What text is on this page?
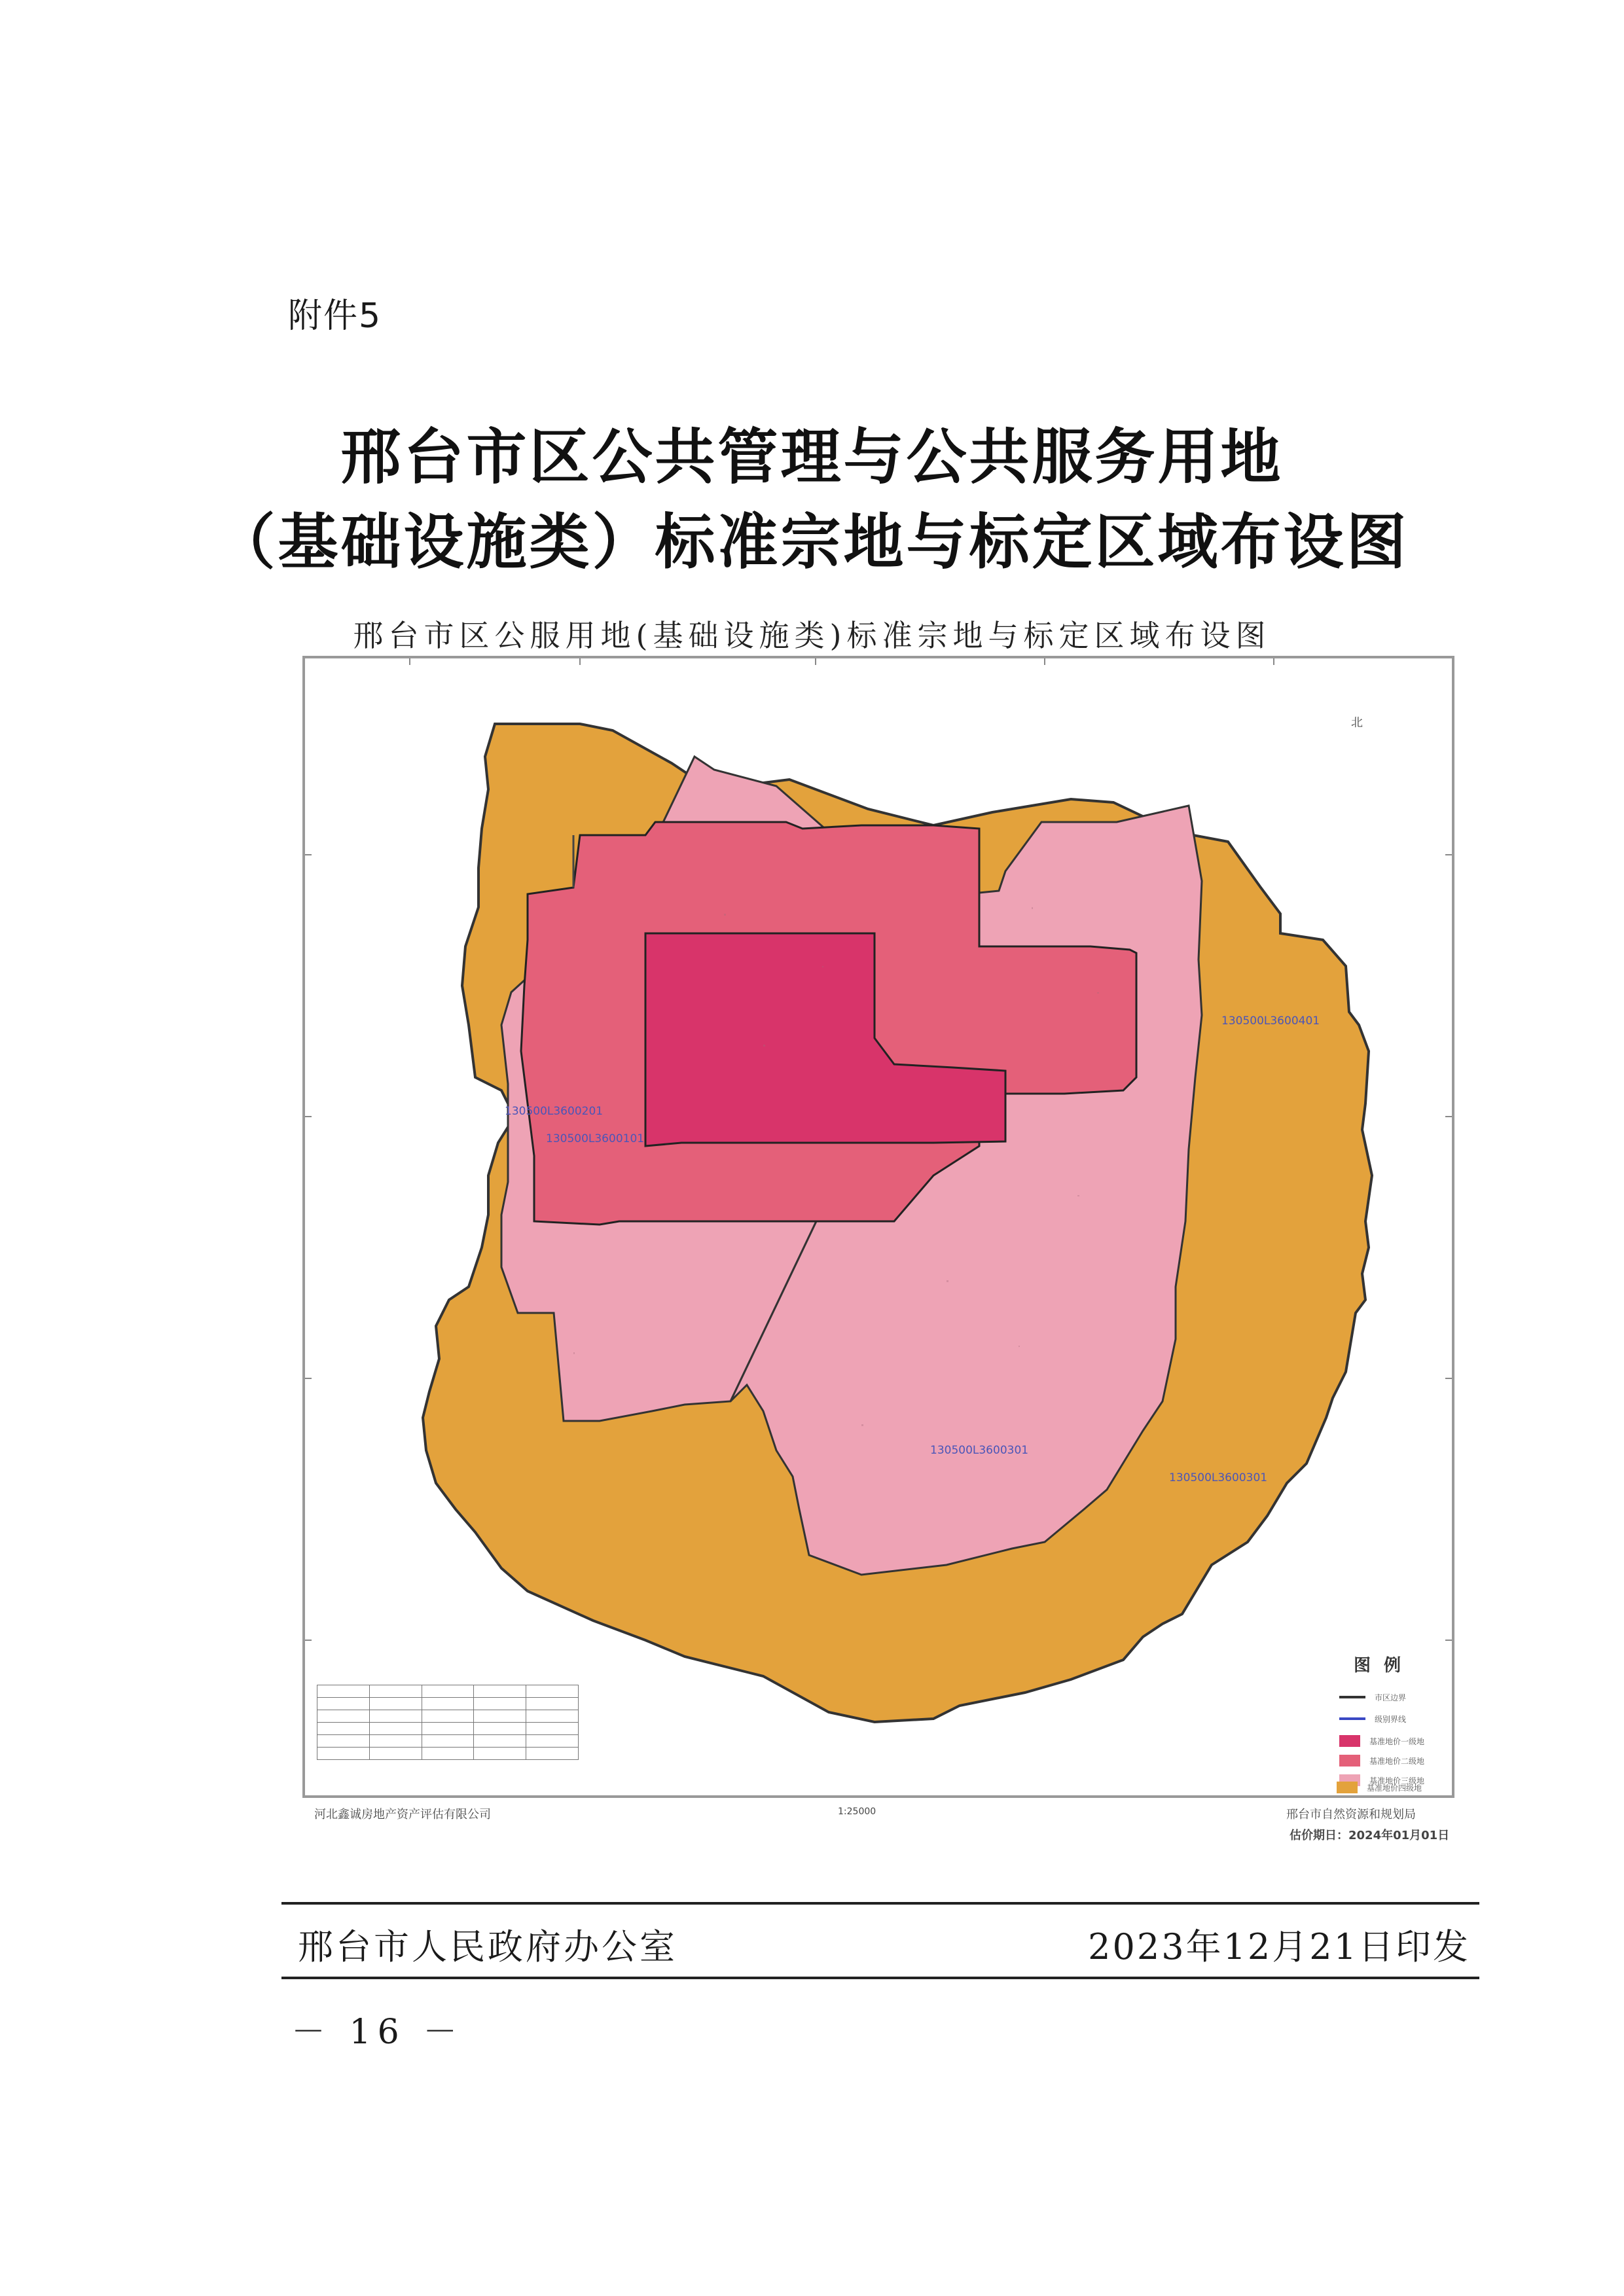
附件5
邢台市区公共管理与公共服务用地
（基础设施类）标准宗地与标定区域布设图
邢台市区公服用地(基础设施类)标准宗地与标定区域布设图
北
130500L3600401
130500L3600201
130500L3600101
130500L3600301
130500L3600301

图例
市区边界
级别界线
基准地价一级地
基准地价二级地
基准地价三级地
基准地价四级地
河北鑫诚房地产资产评估有限公司	1:25000	邢台市自然资源和规划局
估价期日：2024年01月01日
邢台市人民政府办公室	2023年12月21日印发
－ 16 －
